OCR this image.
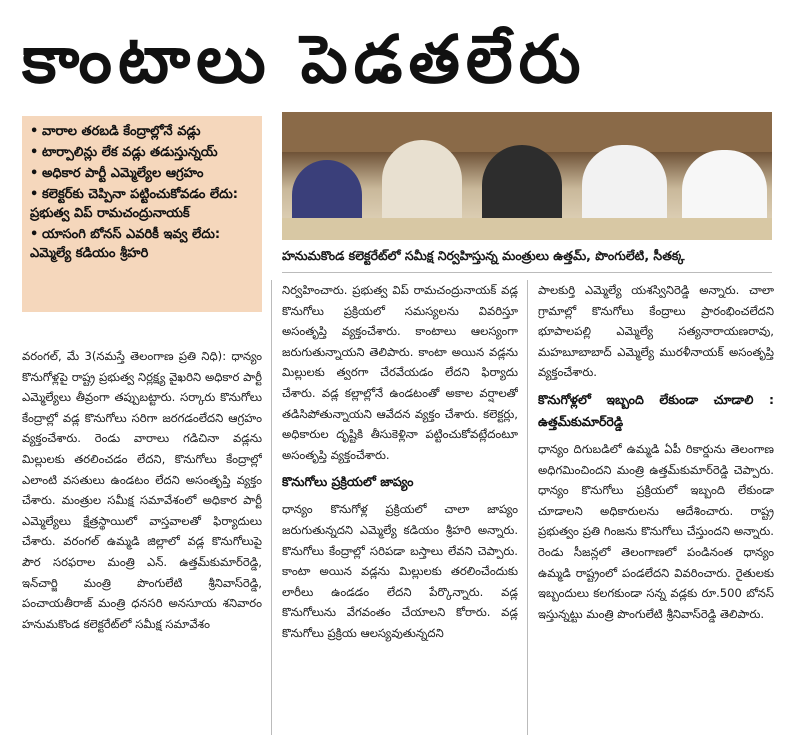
కాంటాలు పెడతలేరు
• వారాల తరబడి కేంద్రాల్లోనే వడ్లు
• టార్పాలిన్లు లేక వడ్లు తడుస్తున్నయ్
• అధికార పార్టీ ఎమ్మెల్యేల ఆగ్రహం
• కలెక్టర్‌కు చెప్పినా పట్టించుకోవడం లేదు: ప్రభుత్వ విప్ రామచంద్రునాయక్
• యాసంగి బోనస్ ఎవరికీ ఇవ్వ లేదు: ఎమ్మెల్యే కడియం శ్రీహరి	హనుమకొండ కలెక్టరేట్‌లో సమీక్ష నిర్వహిస్తున్న మంత్రులు ఉత్తమ్, పొంగులేటి, సీతక్క

వరంగల్, మే 3(నమస్తే తెలంగాణ ప్రతి నిధి): ధాన్యం కొనుగోళ్లపై రాష్ట్ర ప్రభుత్వ నిర్లక్ష్య వైఖరిని అధికార పార్టీ ఎమ్మెల్యేలు తీవ్రంగా తప్పుబట్టారు. సర్కారు కొనుగోలు కేంద్రాల్లో వడ్ల కొనుగోలు సరిగా జరగడంలేదని ఆగ్రహం వ్యక్తంచేశారు. రెండు వారాలు గడిచినా వడ్లను మిల్లులకు తరలించడం లేదని, కొనుగోలు కేంద్రాల్లో ఎలాంటి వసతులు ఉండటం లేదని అసంతృప్తి వ్యక్తం చేశారు. మంత్రుల సమీక్ష సమావేశంలో అధికార పార్టీ ఎమ్మెల్యేలు క్షేత్రస్థాయిలో వాస్తవాలతో ఫిర్యాదులు చేశారు. వరంగల్ ఉమ్మడి జిల్లాలో వడ్ల కొనుగోలుపై పౌర సరఫరాల మంత్రి ఎన్. ఉత్తమ్‌కుమార్‌రెడ్డి, ఇన్‌చార్జి మంత్రి పొంగులేటి శ్రీనివాస్‌రెడ్డి, పంచాయతీరాజ్ మంత్రి ధనసరి అనసూయ శనివారం హనుమకొండ కలెక్టరేట్‌లో సమీక్ష సమావేశం

నిర్వహించారు. ప్రభుత్వ విప్ రామచంద్రునాయక్ వడ్ల కొనుగోలు ప్రక్రియలో సమస్యలను వివరిస్తూ అసంతృప్తి వ్యక్తంచేశారు. కాంటాలు ఆలస్యంగా జరుగుతున్నాయని తెలిపారు. కాంటా అయిన వడ్లను మిల్లులకు త్వరగా చేరవేయడం లేదని ఫిర్యాదు చేశారు. వడ్ల కల్లాల్లోనే ఉండటంతో అకాల వర్షాలతో తడిసిపోతున్నాయని ఆవేదన వ్యక్తం చేశారు. కలెక్టర్లు, అధికారుల దృష్టికి తీసుకెళ్లినా పట్టించుకోవట్లేదంటూ అసంతృప్తి వ్యక్తంచేశారు.

కొనుగోలు ప్రక్రియలో జాప్యం

ధాన్యం కొనుగోళ్ల ప్రక్రియలో చాలా జాప్యం జరుగుతున్నదని ఎమ్మెల్యే కడియం శ్రీహరి అన్నారు. కొనుగోలు కేంద్రాల్లో సరిపడా బస్తాలు లేవని చెప్పారు. కాంటా అయిన వడ్లను మిల్లులకు తరలించేందుకు లారీలు ఉండడం లేదని పేర్కొన్నారు. వడ్ల కొనుగోలును వేగవంతం చేయాలని కోరారు. వడ్ల కొనుగోలు ప్రక్రియ ఆలస్యవుతున్నదని

పాలకుర్తి ఎమ్మెల్యే యశస్వినిరెడ్డి అన్నారు. చాలా గ్రామాల్లో కొనుగోలు కేంద్రాలు ప్రారంభించలేదని భూపాలపల్లి ఎమ్మెల్యే సత్యనారాయణరావు, మహబూబాబాద్ ఎమ్మెల్యే మురళీనాయక్ అసంతృప్తి వ్యక్తంచేశారు.

కొనుగోళ్లలో ఇబ్బంది లేకుండా చూడాలి : ఉత్తమ్‌కుమార్‌రెడ్డి

ధాన్యం దిగుబడిలో ఉమ్మడి ఏపీ రికార్డును తెలంగాణ అధిగమించిందని మంత్రి ఉత్తమ్‌కుమార్‌రెడ్డి చెప్పారు. ధాన్యం కొనుగోలు ప్రక్రియలో ఇబ్బంది లేకుండా చూడాలని అధికారులను ఆదేశించారు. రాష్ట్ర ప్రభుత్వం ప్రతి గింజను కొనుగోలు చేస్తుందని అన్నారు. రెండు సీజన్లలో తెలంగాణలో పండినంత ధాన్యం ఉమ్మడి రాష్ట్రంలో పండలేదని వివరించారు. రైతులకు ఇబ్బందులు కలగకుండా సన్న వడ్లకు రూ.500 బోనస్ ఇస్తున్నట్టు మంత్రి పొంగులేటి శ్రీనివాస్‌రెడ్డి తెలిపారు.
